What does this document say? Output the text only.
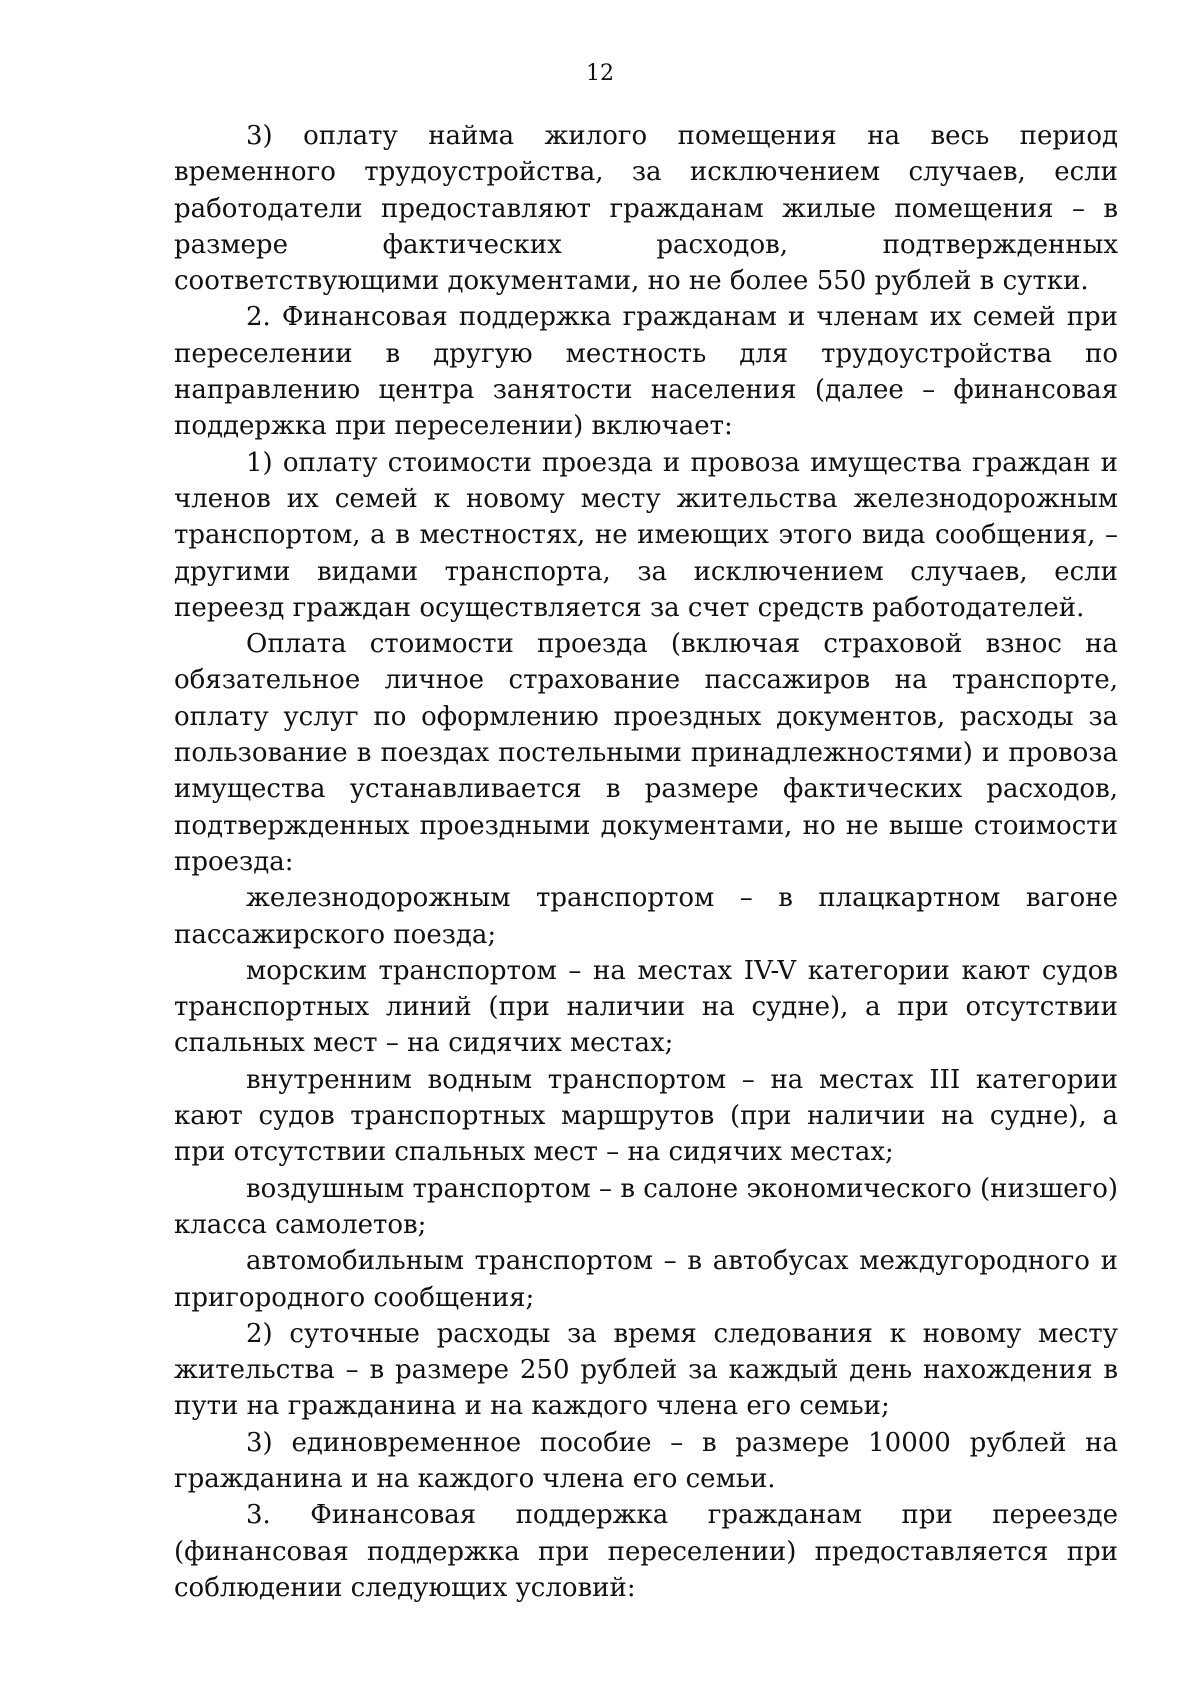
12

3) оплату найма жилого помещения на весь период временного трудоустройства, за исключением случаев, если работодатели предоставляют гражданам жилые помещения – в размере фактических расходов, подтвержденных соответствующими документами, но не более 550 рублей в сутки.

2. Финансовая поддержка гражданам и членам их семей при переселении в другую местность для трудоустройства по направлению центра занятости населения (далее – финансовая поддержка при переселении) включает:

1) оплату стоимости проезда и провоза имущества граждан и членов их семей к новому месту жительства железнодорожным транспортом, а в местностях, не имеющих этого вида сообщения, – другими видами транспорта, за исключением случаев, если переезд граждан осуществляется за счет средств работодателей.

Оплата стоимости проезда (включая страховой взнос на обязательное личное страхование пассажиров на транспорте, оплату услуг по оформлению проездных документов, расходы за пользование в поездах постельными принадлежностями) и провоза имущества устанавливается в размере фактических расходов, подтвержденных проездными документами, но не выше стоимости проезда:

железнодорожным транспортом – в плацкартном вагоне пассажирского поезда;

морским транспортом – на местах IV-V категории кают судов транспортных линий (при наличии на судне), а при отсутствии спальных мест – на сидячих местах;

внутренним водным транспортом – на местах III категории кают судов транспортных маршрутов (при наличии на судне), а при отсутствии спальных мест – на сидячих местах;

воздушным транспортом – в салоне экономического (низшего) класса самолетов;

автомобильным транспортом – в автобусах междугородного и пригородного сообщения;

2) суточные расходы за время следования к новому месту жительства – в размере 250 рублей за каждый день нахождения в пути на гражданина и на каждого члена его семьи;

3) единовременное пособие – в размере 10000 рублей на гражданина и на каждого члена его семьи.

3. Финансовая поддержка гражданам при переезде (финансовая поддержка при переселении) предоставляется при соблюдении следующих условий:
